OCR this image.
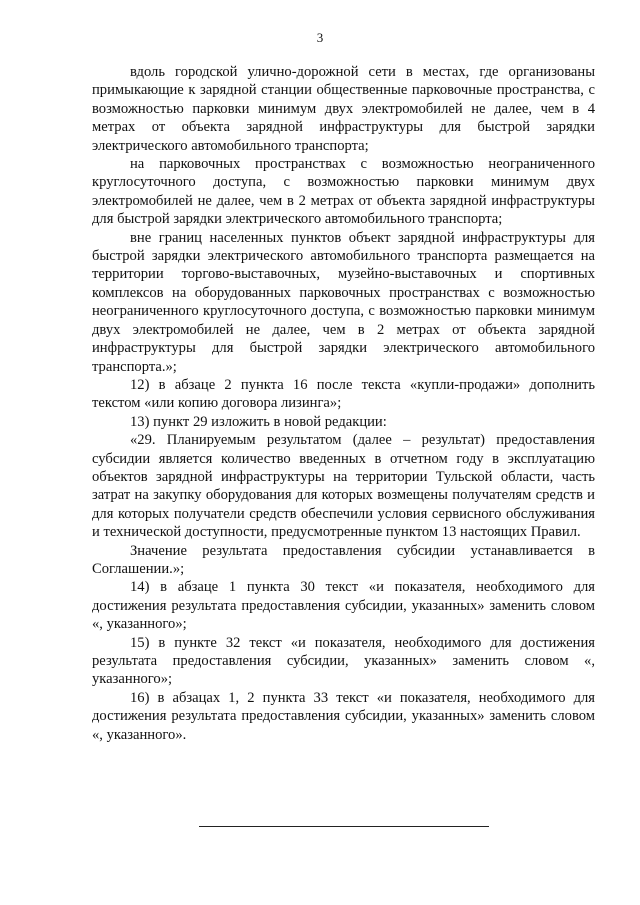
3

вдоль городской улично-дорожной сети в местах, где организованы примыкающие к зарядной станции общественные парковочные пространства, с возможностью парковки минимум двух электромобилей не далее, чем в 4 метрах от объекта зарядной инфраструктуры для быстрой зарядки электрического автомобильного транспорта;

на парковочных пространствах с возможностью неограниченного круглосуточного доступа, с возможностью парковки минимум двух электромобилей не далее, чем в 2 метрах от объекта зарядной инфраструктуры для быстрой зарядки электрического автомобильного транспорта;

вне границ населенных пунктов объект зарядной инфраструктуры для быстрой зарядки электрического автомобильного транспорта размещается на территории торгово-выставочных, музейно-выставочных и спортивных комплексов на оборудованных парковочных пространствах с возможностью неограниченного круглосуточного доступа, с возможностью парковки минимум двух электромобилей не далее, чем в 2 метрах от объекта зарядной инфраструктуры для быстрой зарядки электрического автомобильного транспорта.»;

12) в абзаце 2 пункта 16 после текста «купли-продажи» дополнить текстом «или копию договора лизинга»;

13) пункт 29 изложить в новой редакции:

«29. Планируемым результатом (далее – результат) предоставления субсидии является количество введенных в отчетном году в эксплуатацию объектов зарядной инфраструктуры на территории Тульской области, часть затрат на закупку оборудования для которых возмещены получателям средств и для которых получатели средств обеспечили условия сервисного обслуживания и технической доступности, предусмотренные пунктом 13 настоящих Правил.

Значение результата предоставления субсидии устанавливается в Соглашении.»;

14) в абзаце 1 пункта 30 текст «и показателя, необходимого для достижения результата предоставления субсидии, указанных» заменить словом «, указанного»;

15) в пункте 32 текст «и показателя, необходимого для достижения результата предоставления субсидии, указанных» заменить словом «, указанного»;

16) в абзацах 1, 2 пункта 33 текст «и показателя, необходимого для достижения результата предоставления субсидии, указанных» заменить словом «, указанного».
